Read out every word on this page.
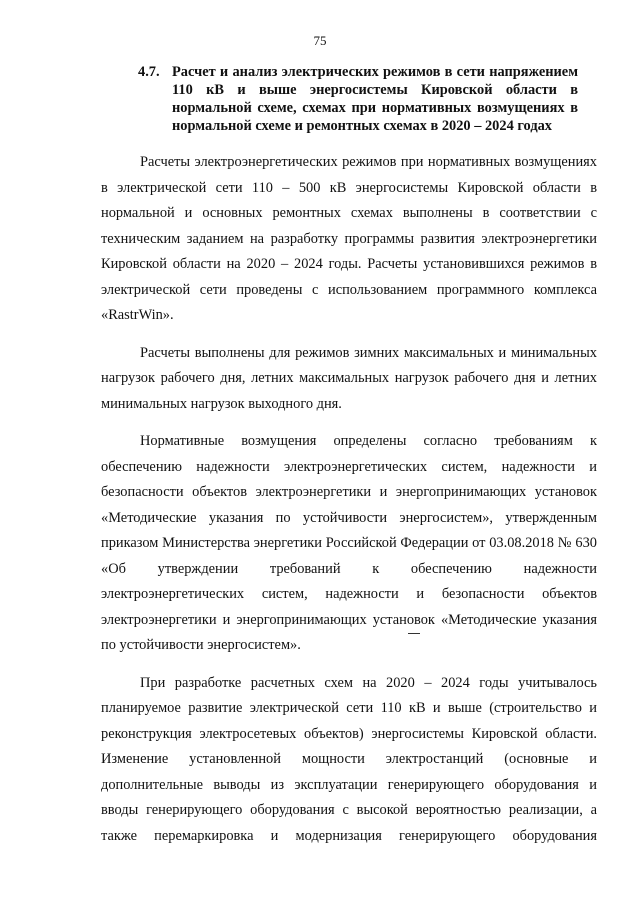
75
4.7. Расчет и анализ электрических режимов в сети напряжением 110 кВ и выше энергосистемы Кировской области в нормальной схеме, схемах при нормативных возмущениях в нормальной схеме и ремонтных схемах в 2020 – 2024 годах

Расчеты электроэнергетических режимов при нормативных возмущениях в электрической сети 110 – 500 кВ энергосистемы Кировской области в нормальной и основных ремонтных схемах выполнены в соответствии с техническим заданием на разработку программы развития электроэнергетики Кировской области на 2020 – 2024 годы. Расчеты установившихся режимов в электрической сети проведены с использованием программного комплекса «RastrWin».

Расчеты выполнены для режимов зимних максимальных и минимальных нагрузок рабочего дня, летних максимальных нагрузок рабочего дня и летних минимальных нагрузок выходного дня.

Нормативные возмущения определены согласно требованиям к обеспечению надежности электроэнергетических систем, надежности и безопасности объектов электроэнергетики и энергопринимающих установок «Методические указания по устойчивости энергосистем», утвержденным приказом Министерства энергетики Российской Федерации от 03.08.2018 № 630 «Об утверждении требований к обеспечению надежности электроэнергетических систем, надежности и безопасности объектов электроэнергетики и энергопринимающих установок «Методические указания по устойчивости энергосистем».

При разработке расчетных схем на 2020 – 2024 годы учитывалось планируемое развитие электрической сети 110 кВ и выше (строительство и реконструкция электросетевых объектов) энергосистемы Кировской области. Изменение установленной мощности электростанций (основные и дополнительные выводы из эксплуатации генерирующего оборудования и вводы генерирующего оборудования с высокой вероятностью реализации, а также перемаркировка и модернизация генерирующего оборудования
